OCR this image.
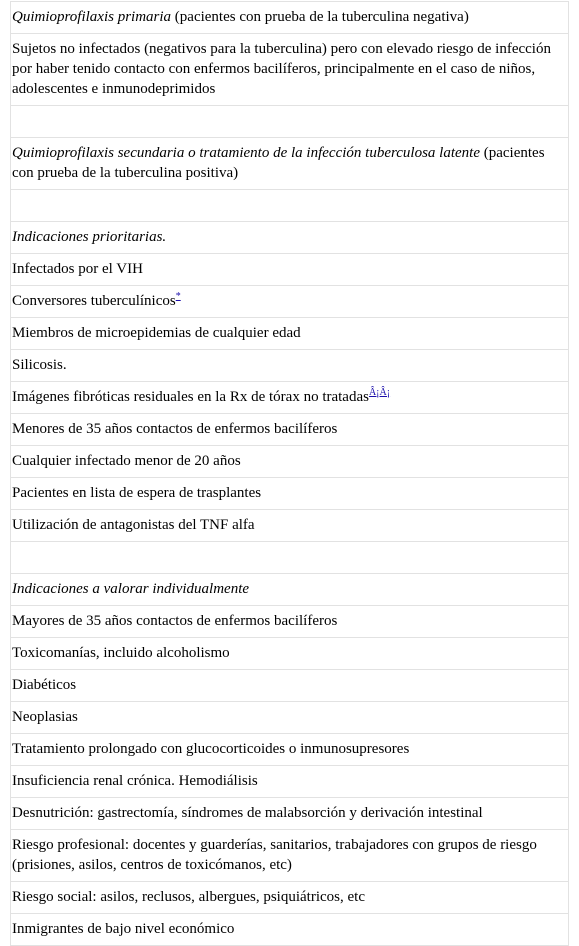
Quimioprofilaxis primaria (pacientes con prueba de la tuberculina negativa)
Sujetos no infectados (negativos para la tuberculina) pero con elevado riesgo de infección por haber tenido contacto con enfermos bacilíferos, principalmente en el caso de niños, adolescentes e inmunodeprimidos

Quimioprofilaxis secundaria o tratamiento de la infección tuberculosa latente (pacientes con prueba de la tuberculina positiva)

Indicaciones prioritarias.
Infectados por el VIH
Conversores tuberculínicos*
Miembros de microepidemias de cualquier edad
Silicosis.
Imágenes fibróticas residuales en la Rx de tórax no tratadas$^{Â¡Â¡}$
Menores de 35 años contactos de enfermos bacilíferos
Cualquier infectado menor de 20 años
Pacientes en lista de espera de trasplantes
Utilización de antagonistas del TNF alfa

Indicaciones a valorar individualmente
Mayores de 35 años contactos de enfermos bacilíferos
Toxicomanías, incluido alcoholismo
Diabéticos
Neoplasias
Tratamiento prolongado con glucocorticoides o inmunosupresores
Insuficiencia renal crónica. Hemodiálisis
Desnutrición: gastrectomía, síndromes de malabsorción y derivación intestinal
Riesgo profesional: docentes y guarderías, sanitarios, trabajadores con grupos de riesgo (prisiones, asilos, centros de toxicómanos, etc)
Riesgo social: asilos, reclusos, albergues, psiquiátricos, etc
Inmigrantes de bajo nivel económico
